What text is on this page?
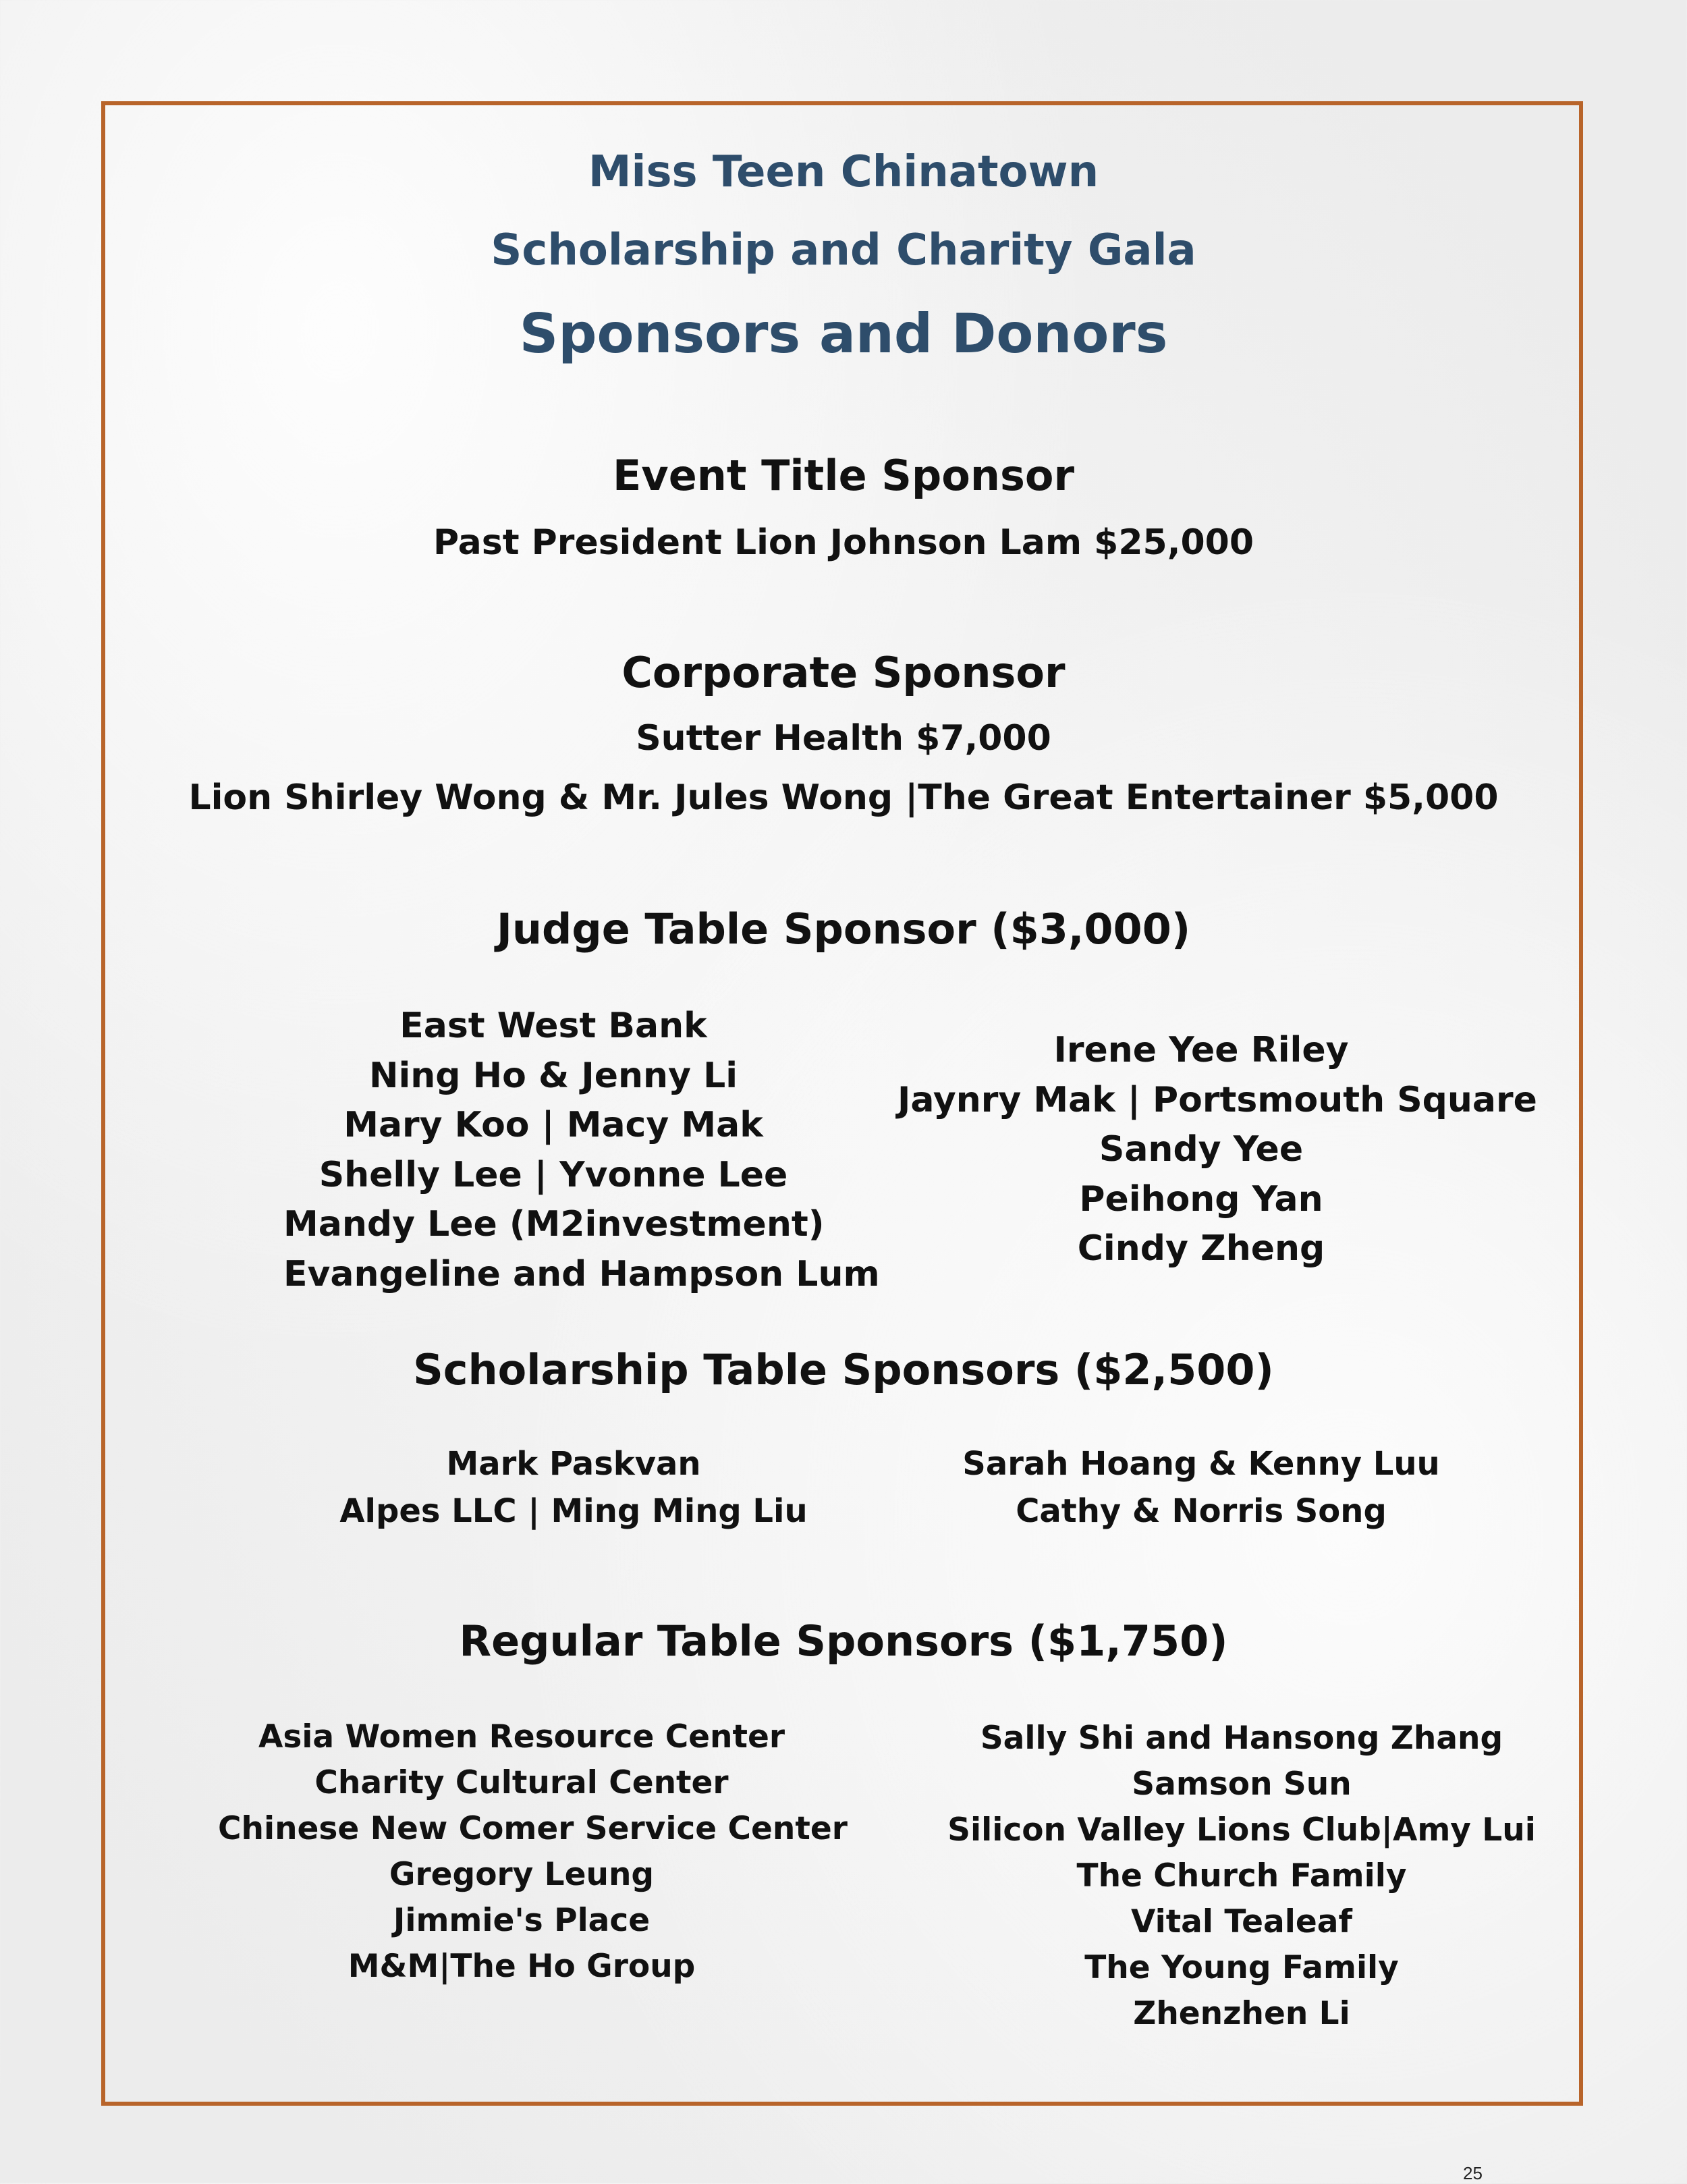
Miss Teen Chinatown
Scholarship and Charity Gala
Sponsors and Donors
Event Title Sponsor
Past President Lion Johnson Lam $25,000
Corporate Sponsor
Sutter Health $7,000
Lion Shirley Wong & Mr. Jules Wong |The Great Entertainer $5,000
Judge Table Sponsor ($3,000)
East West Bank
Ning Ho & Jenny Li
Mary Koo | Macy Mak
Shelly Lee | Yvonne Lee
Mandy Lee (M2investment)
Evangeline and Hampson Lum
Irene Yee Riley
Jaynry Mak | Portsmouth Square
Sandy Yee
Peihong Yan
Cindy Zheng
Scholarship Table Sponsors ($2,500)
Mark Paskvan
Alpes LLC | Ming Ming Liu
Sarah Hoang & Kenny Luu
Cathy & Norris Song
Regular Table Sponsors ($1,750)
Asia Women Resource Center
Charity Cultural Center
Chinese New Comer Service Center
Gregory Leung
Jimmie's Place
M&M|The Ho Group
Sally Shi and Hansong Zhang
Samson Sun
Silicon Valley Lions Club|Amy Lui
The Church Family
Vital Tealeaf
The Young Family
Zhenzhen Li
25
